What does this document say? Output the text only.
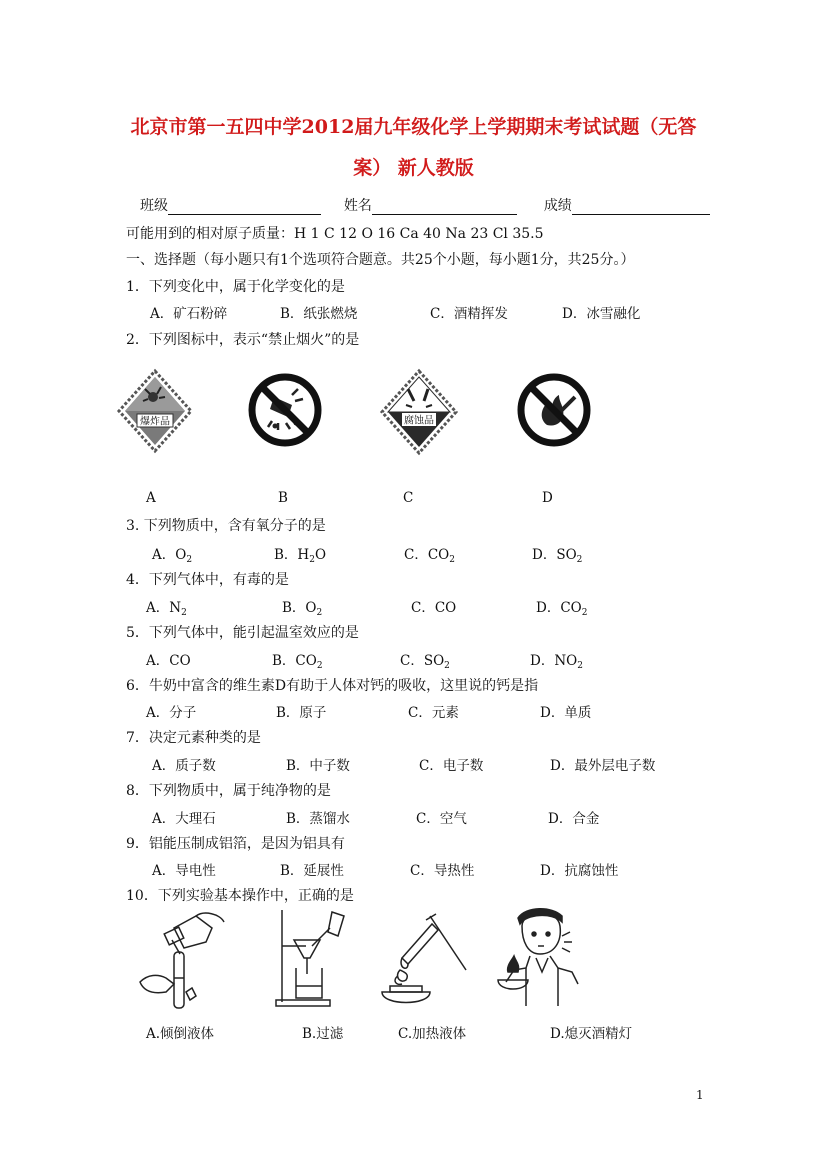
北京市第一五四中学2012届九年级化学上学期期末考试试题（无答
案） 新人教版
班级	姓名	成绩
可能用到的相对原子质量：H 1 C 12 O 16 Ca 40 Na 23 Cl 35.5
一、选择题（每小题只有1个选项符合题意。共25个小题，每小题1分，共25分。）
1．下列变化中，属于化学变化的是
A．矿石粉碎	B．纸张燃烧	C．酒精挥发	D．冰雪融化
2．下列图标中，表示“禁止烟火”的是
爆炸品	腐蚀品
A	B	C	D
3. 下列物质中，含有氧分子的是
A．$O_2$	B．$H_2O$	C．$CO_2$	D．$SO_2$
4．下列气体中，有毒的是
A．$N_2$	B．$O_2$	C．CO	D．$CO_2$
5．下列气体中，能引起温室效应的是
A．CO	B．$CO_2$	C．$SO_2$	D．$NO_2$
6．牛奶中富含的维生素D有助于人体对钙的吸收，这里说的钙是指
A．分子	B．原子	C．元素	D．单质
7．决定元素种类的是
A．质子数	B．中子数	C．电子数	D．最外层电子数
8．下列物质中，属于纯净物的是
A．大理石	B．蒸馏水	C．空气	D．合金
9．铝能压制成铝箔，是因为铝具有
A．导电性	B．延展性	C．导热性	D．抗腐蚀性
10．下列实验基本操作中，正确的是
A.倾倒液体	B.过滤	C.加热液体	D.熄灭酒精灯
1
